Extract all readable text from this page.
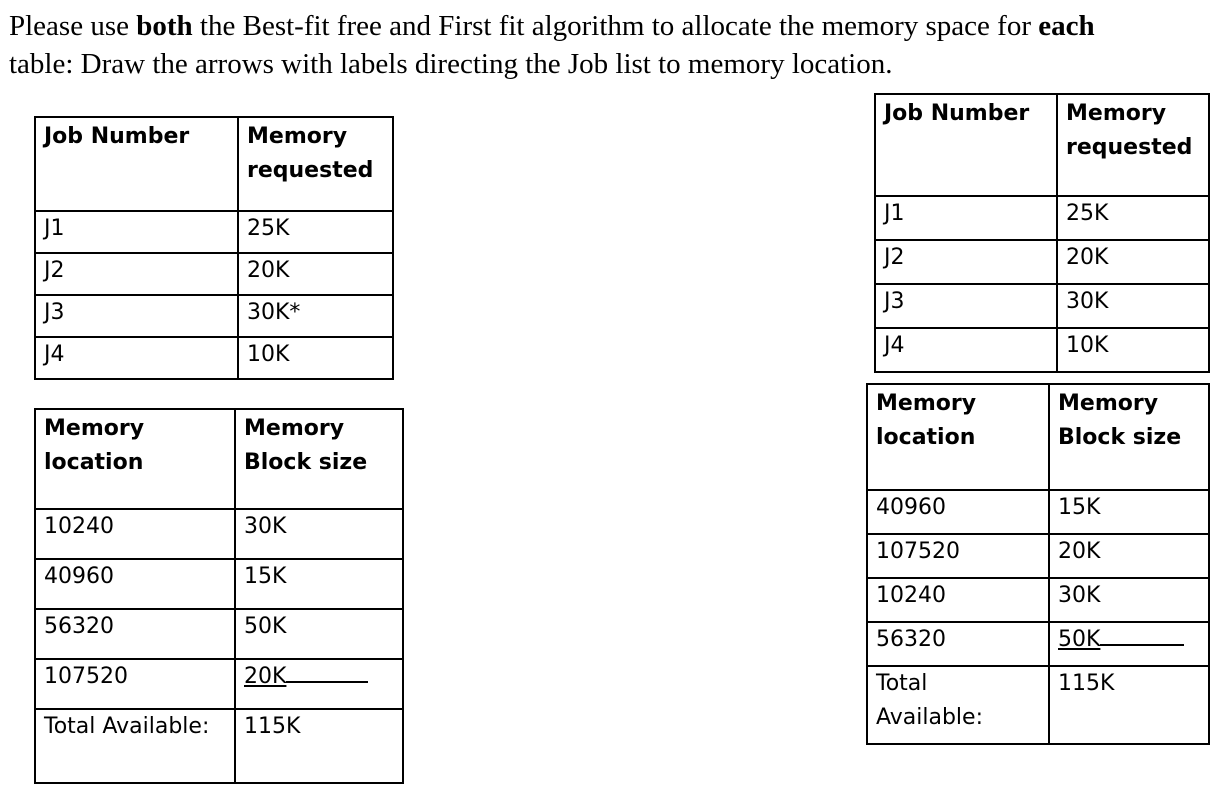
Please use both the Best-fit free and First fit algorithm to allocate the memory space for each
table: Draw the arrows with labels directing the Job list to memory location.

Job Number	Memory requested
J1	25K
J2	20K
J3	30K*
J4	10K
Memory location	Memory Block size
10240	30K
40960	15K
56320	50K
107520	20K
Total Available:	115K
Job Number	Memory requested
J1	25K
J2	20K
J3	30K
J4	10K
Memory location	Memory Block size
40960	15K
107520	20K
10240	30K
56320	50K
Total Available:	115K
